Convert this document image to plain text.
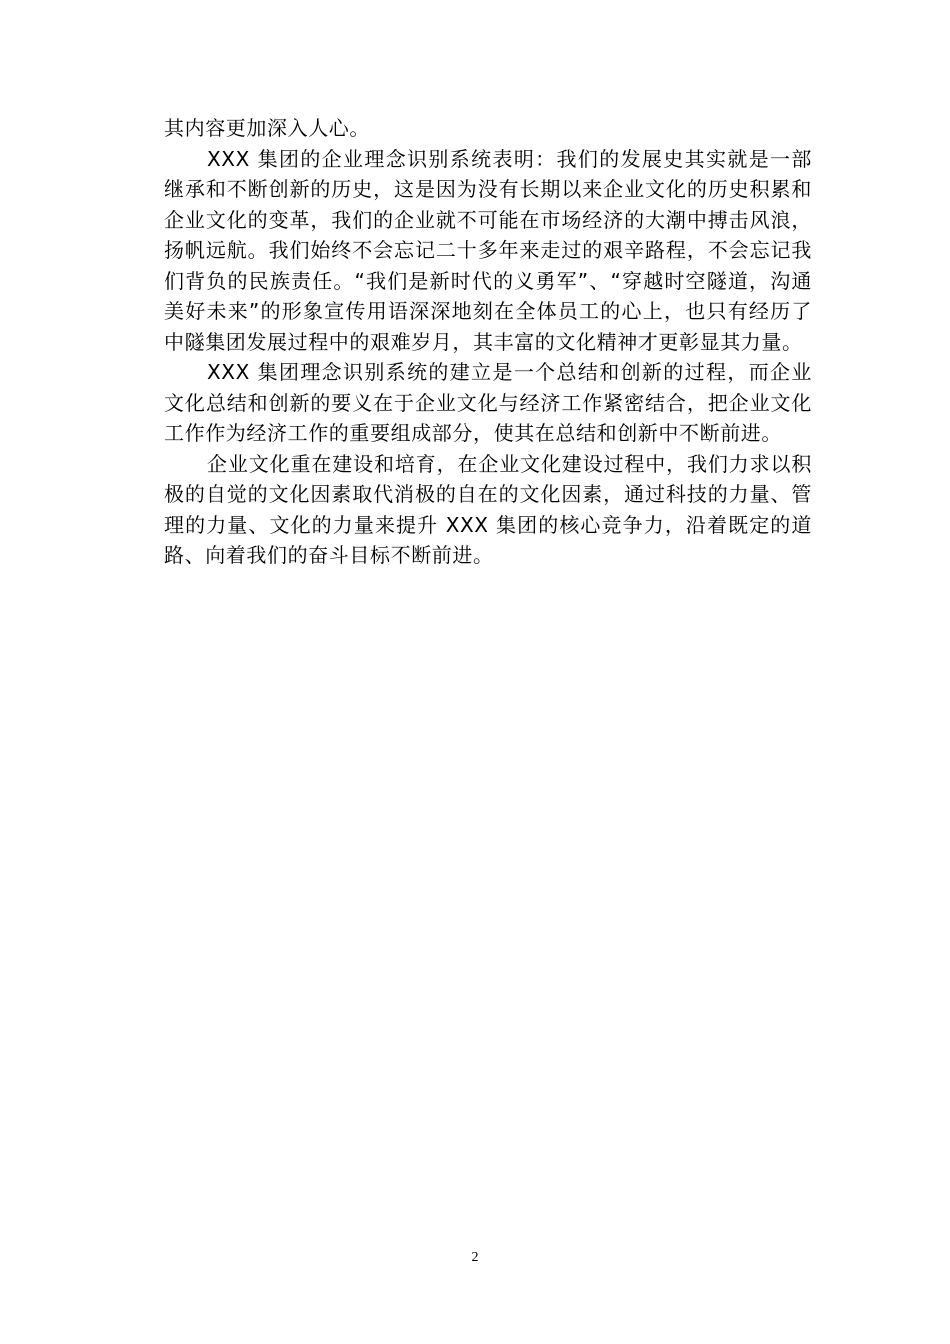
其内容更加深入人心。

XXX 集团的企业理念识别系统表明：我们的发展史其实就是一部继承和不断创新的历史，这是因为没有长期以来企业文化的历史积累和企业文化的变革，我们的企业就不可能在市场经济的大潮中搏击风浪，扬帆远航。我们始终不会忘记二十多年来走过的艰辛路程，不会忘记我们背负的民族责任。“我们是新时代的义勇军”、“穿越时空隧道，沟通美好未来”的形象宣传用语深深地刻在全体员工的心上，也只有经历了中隧集团发展过程中的艰难岁月，其丰富的文化精神才更彰显其力量。

XXX 集团理念识别系统的建立是一个总结和创新的过程，而企业文化总结和创新的要义在于企业文化与经济工作紧密结合，把企业文化工作作为经济工作的重要组成部分，使其在总结和创新中不断前进。

企业文化重在建设和培育，在企业文化建设过程中，我们力求以积极的自觉的文化因素取代消极的自在的文化因素，通过科技的力量、管理的力量、文化的力量来提升 XXX 集团的核心竞争力，沿着既定的道路、向着我们的奋斗目标不断前进。

2
